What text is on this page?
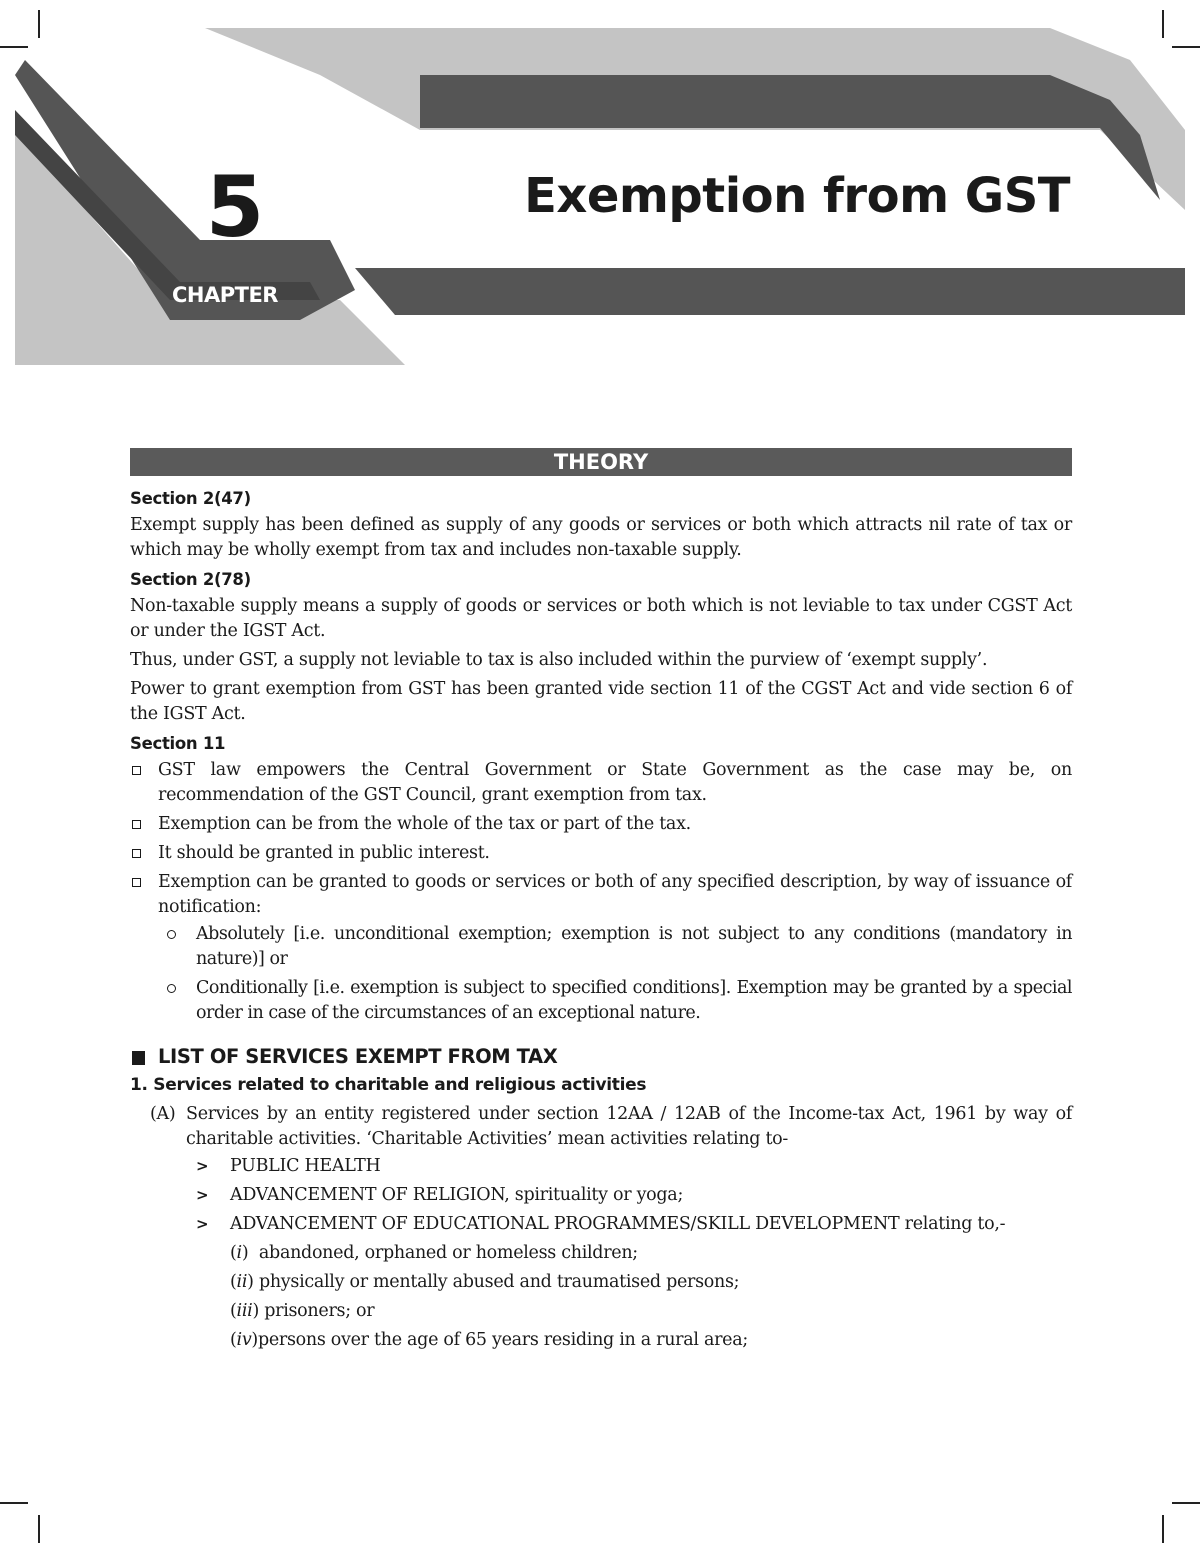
5
CHAPTER
Exemption from GST
THEORY
Section 2(47)

Exempt supply has been defined as supply of any goods or services or both which attracts nil rate of tax or which may be wholly exempt from tax and includes non-taxable supply.

Section 2(78)

Non-taxable supply means a supply of goods or services or both which is not leviable to tax under CGST Act or under the IGST Act.

Thus, under GST, a supply not leviable to tax is also included within the purview of ‘exempt supply’.

Power to grant exemption from GST has been granted vide section 11 of the CGST Act and vide section 6 of the IGST Act.

Section 11
GST law empowers the Central Government or State Government as the case may be, on recommendation of the GST Council, grant exemption from tax.
Exemption can be from the whole of the tax or part of the tax.
It should be granted in public interest.
Exemption can be granted to goods or services or both of any specified description, by way of issuance of notification:
Absolutely [i.e. unconditional exemption; exemption is not subject to any conditions (mandatory in nature)] or
Conditionally [i.e. exemption is subject to specified conditions]. Exemption may be granted by a special order in case of the circumstances of an exceptional nature.
LIST OF SERVICES EXEMPT FROM TAX
1. Services related to charitable and religious activities
(A) Services by an entity registered under section 12AA / 12AB of the Income-tax Act, 1961 by way of charitable activities. ‘Charitable Activities’ mean activities relating to-
> PUBLIC HEALTH
> ADVANCEMENT OF RELIGION, spirituality or yoga;
> ADVANCEMENT OF EDUCATIONAL PROGRAMMES/SKILL DEVELOPMENT relating to,-
(i)  abandoned, orphaned or homeless children;
(ii) physically or mentally abused and traumatised persons;
(iii) prisoners; or
(iv)persons over the age of 65 years residing in a rural area;
